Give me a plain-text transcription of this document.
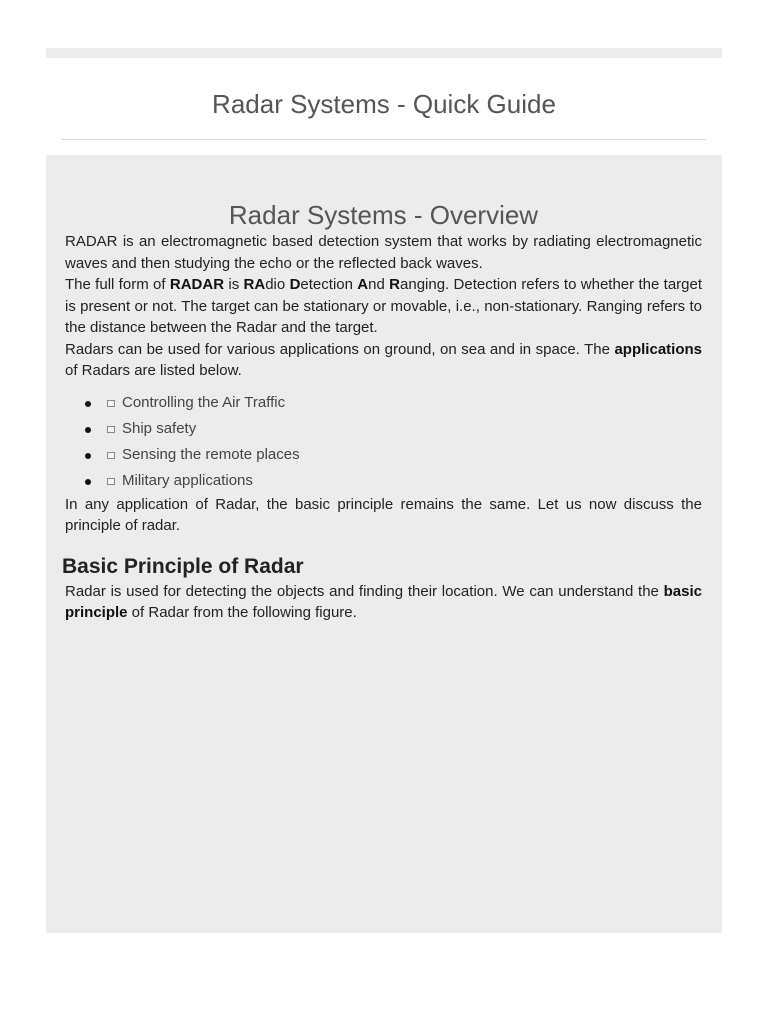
Radar Systems - Quick Guide
Radar Systems - Overview

RADAR is an electromagnetic based detection system that works by radiating electromagnetic waves and then studying the echo or the reflected back waves.

The full form of RADAR is RAdio Detection And Ranging. Detection refers to whether the target is present or not. The target can be stationary or movable, i.e., non-stationary. Ranging refers to the distance between the Radar and the target.

Radars can be used for various applications on ground, on sea and in space. The applications of Radars are listed below.

Controlling the Air Traffic
Ship safety
Sensing the remote places
Military applications

In any application of Radar, the basic principle remains the same. Let us now discuss the principle of radar.

Basic Principle of Radar

Radar is used for detecting the objects and finding their location. We can understand the basic principle of Radar from the following figure.
